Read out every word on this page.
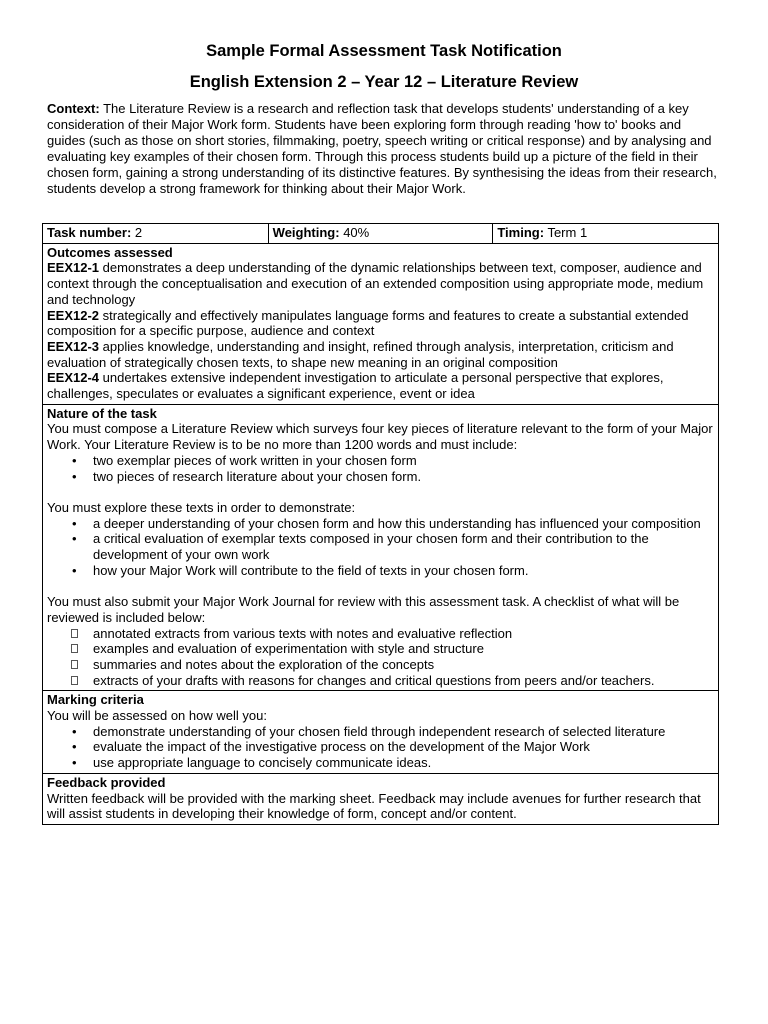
Sample Formal Assessment Task Notification
English Extension 2 – Year 12 – Literature Review

Context: The Literature Review is a research and reflection task that develops students' understanding of a key consideration of their Major Work form. Students have been exploring form through reading 'how to' books and guides (such as those on short stories, filmmaking, poetry, speech writing or critical response) and by analysing and evaluating key examples of their chosen form. Through this process students build up a picture of the field in their chosen form, gaining a strong understanding of its distinctive features. By synthesising the ideas from their research, students develop a strong framework for thinking about their Major Work.

Task number: 2	Weighting: 40%	Timing: Term 1

Outcomes assessed
EEX12-1 demonstrates a deep understanding of the dynamic relationships between text, composer, audience and context through the conceptualisation and execution of an extended composition using appropriate mode, medium and technology
EEX12-2 strategically and effectively manipulates language forms and features to create a substantial extended composition for a specific purpose, audience and context
EEX12-3 applies knowledge, understanding and insight, refined through analysis, interpretation, criticism and evaluation of strategically chosen texts, to shape new meaning in an original composition
EEX12-4 undertakes extensive independent investigation to articulate a personal perspective that explores, challenges, speculates or evaluates a significant experience, event or idea

Nature of the task
You must compose a Literature Review which surveys four key pieces of literature relevant to the form of your Major Work. Your Literature Review is to be no more than 1200 words and must include:
• two exemplar pieces of work written in your chosen form
• two pieces of research literature about your chosen form.
You must explore these texts in order to demonstrate:
• a deeper understanding of your chosen form and how this understanding has influenced your composition
• a critical evaluation of exemplar texts composed in your chosen form and their contribution to the development of your own work
• how your Major Work will contribute to the field of texts in your chosen form.
You must also submit your Major Work Journal for review with this assessment task. A checklist of what will be reviewed is included below:
annotated extracts from various texts with notes and evaluative reflection
examples and evaluation of experimentation with style and structure
summaries and notes about the exploration of the concepts
extracts of your drafts with reasons for changes and critical questions from peers and/or teachers.

Marking criteria
You will be assessed on how well you:
• demonstrate understanding of your chosen field through independent research of selected literature
• evaluate the impact of the investigative process on the development of the Major Work
• use appropriate language to concisely communicate ideas.

Feedback provided
Written feedback will be provided with the marking sheet. Feedback may include avenues for further research that will assist students in developing their knowledge of form, concept and/or content.
